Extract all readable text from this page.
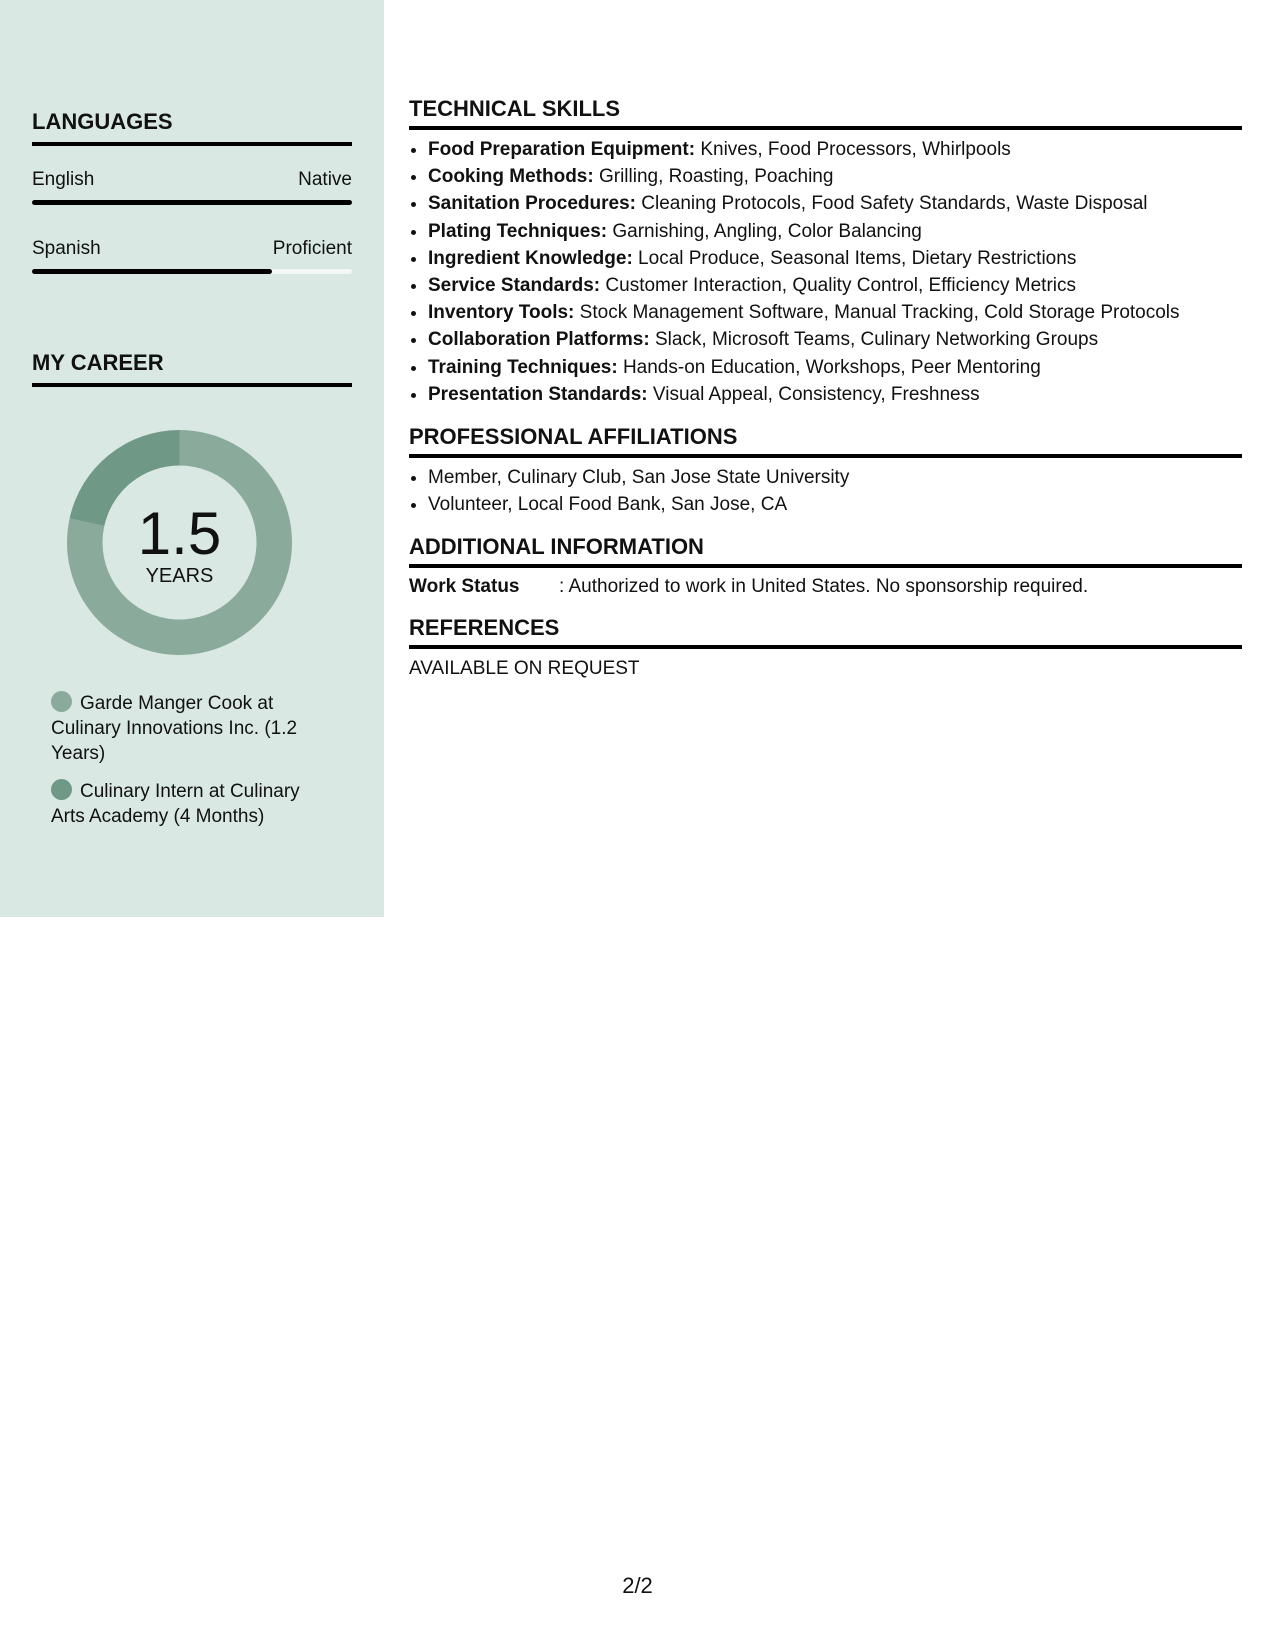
LANGUAGES
English	Native
Spanish	Proficient
MY CAREER
1.5
YEARS
Garde Manger Cook at Culinary Innovations Inc. (1.2 Years)
Culinary Intern at Culinary Arts Academy (4 Months)
TECHNICAL SKILLS
• Food Preparation Equipment: Knives, Food Processors, Whirlpools
• Cooking Methods: Grilling, Roasting, Poaching
• Sanitation Procedures: Cleaning Protocols, Food Safety Standards, Waste Disposal
• Plating Techniques: Garnishing, Angling, Color Balancing
• Ingredient Knowledge: Local Produce, Seasonal Items, Dietary Restrictions
• Service Standards: Customer Interaction, Quality Control, Efficiency Metrics
• Inventory Tools: Stock Management Software, Manual Tracking, Cold Storage Protocols
• Collaboration Platforms: Slack, Microsoft Teams, Culinary Networking Groups
• Training Techniques: Hands-on Education, Workshops, Peer Mentoring
• Presentation Standards: Visual Appeal, Consistency, Freshness
PROFESSIONAL AFFILIATIONS
• Member, Culinary Club, San Jose State University
• Volunteer, Local Food Bank, San Jose, CA
ADDITIONAL INFORMATION
Work Status	: Authorized to work in United States. No sponsorship required.
REFERENCES
AVAILABLE ON REQUEST
2/2
